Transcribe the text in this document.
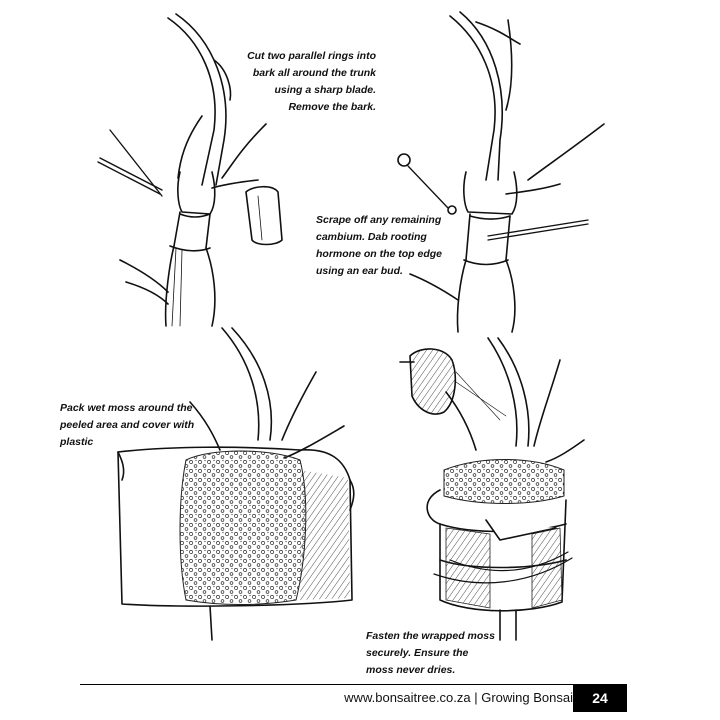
Cut two parallel rings into bark all around the trunk using a sharp blade. Remove the bark.
Scrape off any remaining cambium. Dab rooting hormone on the top edge using an ear bud.
Pack wet moss around the peeled area and cover with plastic
Fasten the wrapped moss securely. Ensure the moss never dries.
www.bonsaitree.co.za | Growing Bonsai	24
